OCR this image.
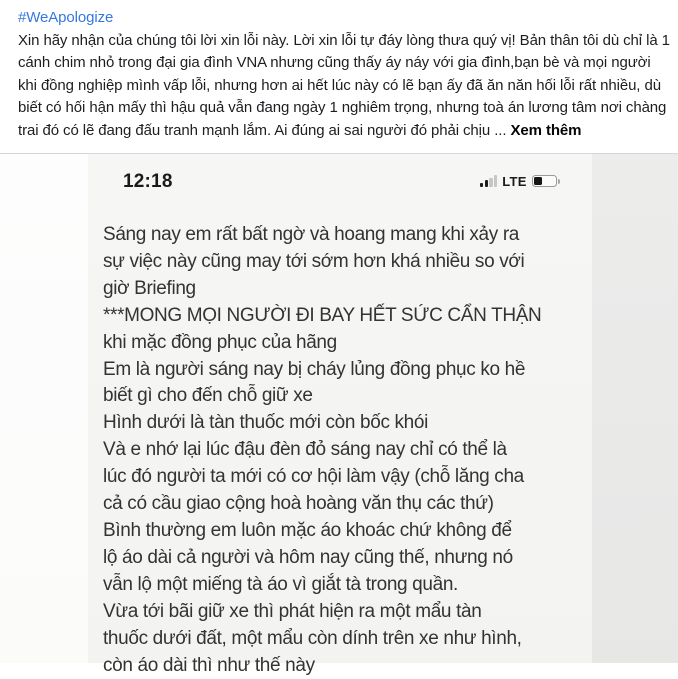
#WeApologize
Xin hãy nhận của chúng tôi lời xin lỗi này. Lời xin lỗi tự đáy lòng thưa quý vị! Bản thân tôi dù chỉ là 1 cánh chim nhỏ trong đại gia đình VNA nhưng cũng thấy áy náy với gia đình,bạn bè và mọi người khi đồng nghiệp mình vấp lỗi, nhưng hơn ai hết lúc này có lẽ bạn ấy đã ăn năn hối lỗi rất nhiều, dù biết có hối hận mấy thì hậu quả vẫn đang ngày 1 nghiêm trọng, nhưng toà án lương tâm nơi chàng trai đó có lẽ đang đấu tranh mạnh lắm. Ai đúng ai sai người đó phải chịu ... Xem thêm
12:18	LTE
Sáng nay em rất bất ngờ và hoang mang khi xảy ra
sự việc này cũng may tới sớm hơn khá nhiều so với
giờ Briefing
***MONG MỌI NGƯỜI ĐI BAY HẾT SỨC CẨN THẬN
khi mặc đồng phục của hãng
Em là người sáng nay bị cháy lủng đồng phục ko hề
biết gì cho đến chỗ giữ xe
Hình dưới là tàn thuốc mới còn bốc khói
Và e nhớ lại lúc đậu đèn đỏ sáng nay chỉ có thể là
lúc đó người ta mới có cơ hội làm vậy (chỗ lăng cha
cả có cầu giao cộng hoà hoàng văn thụ các thứ)
Bình thường em luôn mặc áo khoác chứ không để
lộ áo dài cả người và hôm nay cũng thế, nhưng nó
vẫn lộ một miếng tà áo vì giắt tà trong quần.
Vừa tới bãi giữ xe thì phát hiện ra một mẩu tàn
thuốc dưới đất, một mẩu còn dính trên xe như hình,
còn áo dài thì như thế này
